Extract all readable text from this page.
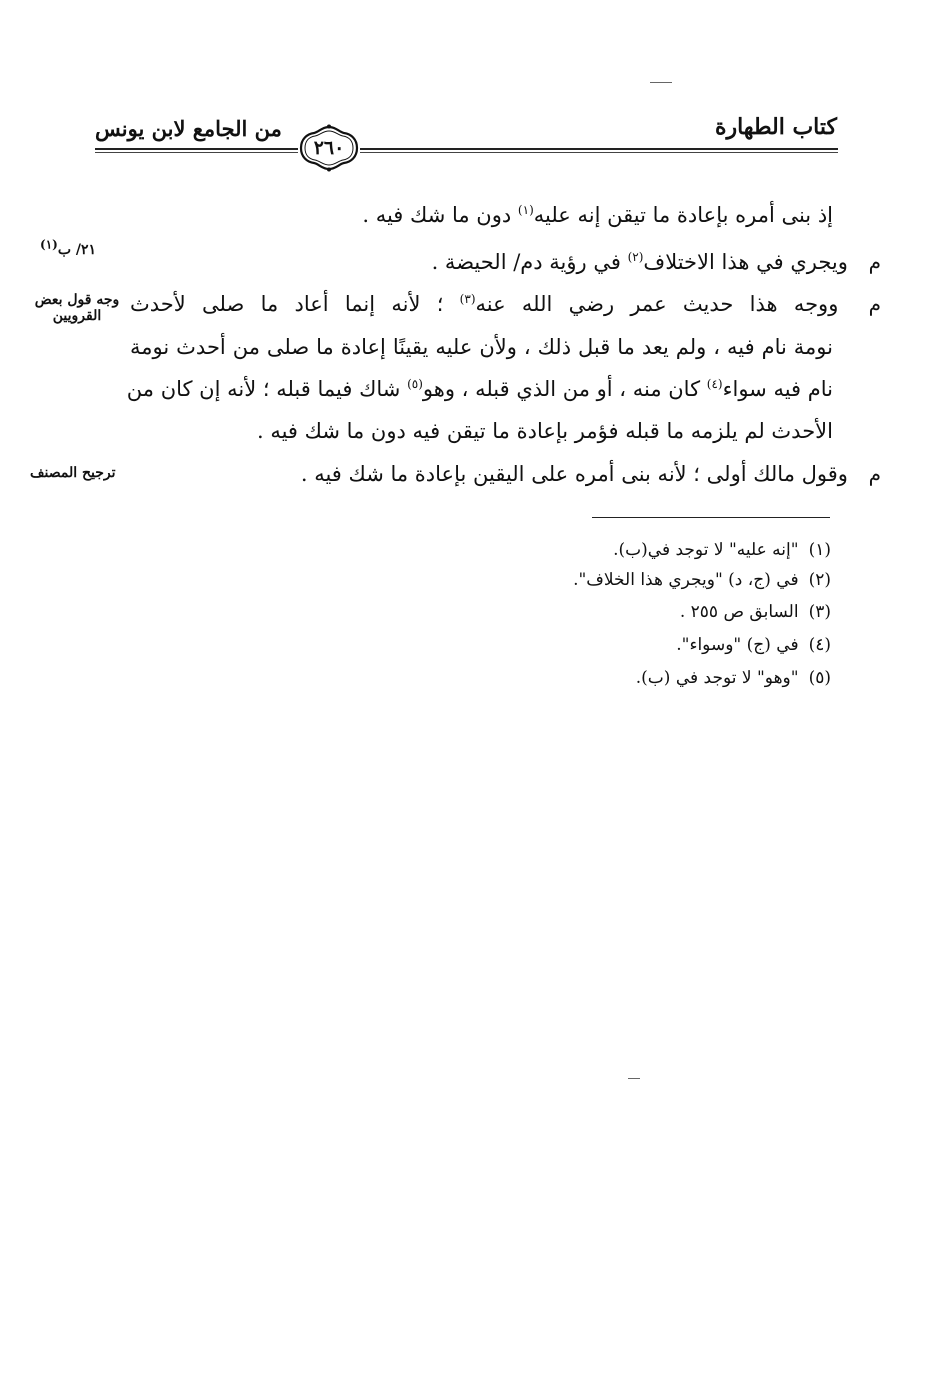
كتاب الطهارة
من الجامع لابن يونس
٢٦٠
إذ بنى أمره بإعادة ما تيقن إنه عليه$^{(١)}$ دون ما شك فيه .
م ويجري في هذا الاختلاف$^{(٢)}$ في رؤية دم/ الحيضة .
م ووجه هذا حديث عمر رضي الله عنه$^{(٣)}$ ؛ لأنه إنما أعاد ما صلى لأحدث
نومة نام فيه ، ولم يعد ما قبل ذلك ، ولأن عليه يقينًا إعادة ما صلى من أحدث نومة
نام فيه سواء$^{(٤)}$ كان منه ، أو من الذي قبله ، وهو$^{(٥)}$ شاك فيما قبله ؛ لأنه إن كان من
الأحدث لم يلزمه ما قبله فؤمر بإعادة ما تيقن فيه دون ما شك فيه .
م وقول مالك أولى ؛ لأنه بنى أمره على اليقين بإعادة ما شك فيه .
٢١/ ب$^{(١)}$
وجه قول بعض
القرويين
ترجيح المصنف
(١)"إنه عليه" لا توجد في(ب).
(٢)في (ج، د) "ويجري هذا الخلاف".
(٣)السابق ص ٢٥٥ .
(٤)في (ج) "وسواء".
(٥)"وهو" لا توجد في (ب).
